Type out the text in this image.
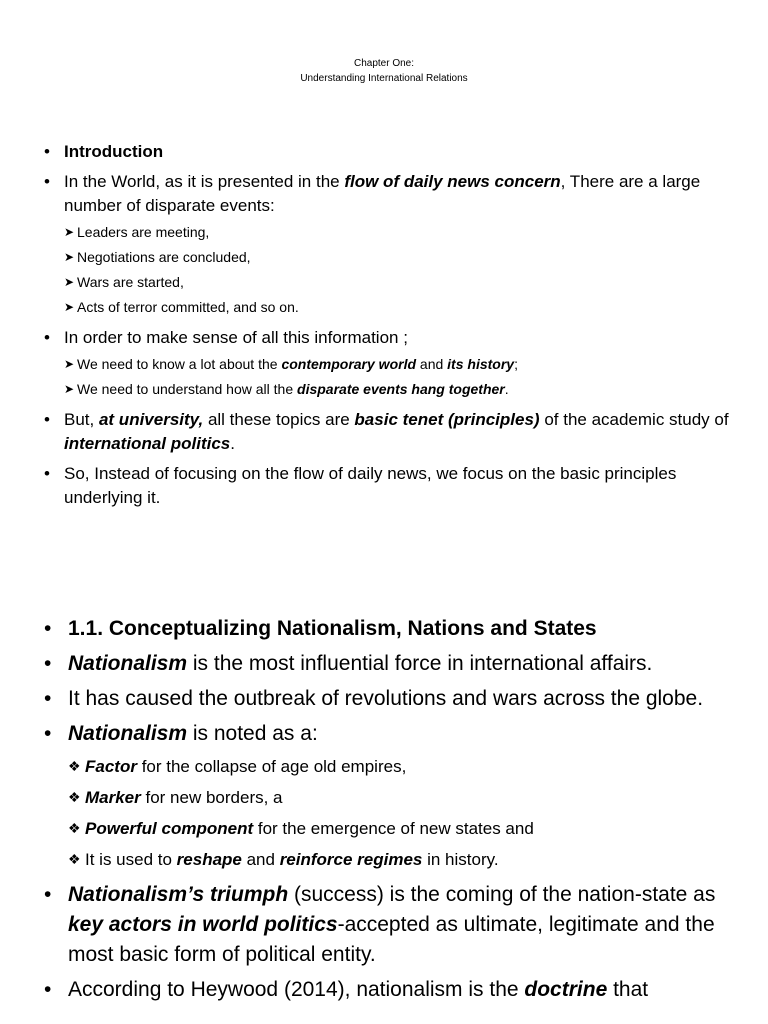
Chapter One:
Understanding International Relations
• Introduction
• In the World, as it is presented in the flow of daily news concern, There are a large number of disparate events:
➤ Leaders are meeting,
➤ Negotiations are concluded,
➤ Wars are started,
➤ Acts of terror committed, and so on.
• In order to make sense of all this information ;
➤ We need to know a lot about the contemporary world and its history;
➤ We need to understand how all the disparate events hang together.
• But, at university, all these topics are basic tenet (principles) of the academic study of international politics.
• So, Instead of focusing on the flow of daily news, we focus on the basic principles underlying it.
• 1.1. Conceptualizing Nationalism, Nations and States
• Nationalism is the most influential force in international affairs.
• It has caused the outbreak of revolutions and wars across the globe.
• Nationalism is noted as a:
❖ Factor for the collapse of age old empires,
❖ Marker for new borders, a
❖ Powerful component for the emergence of new states and
❖ It is used to reshape and reinforce regimes in history.
• Nationalism’s triumph (success) is the coming of the nation-state as key actors in world politics-accepted as ultimate, legitimate and the most basic form of political entity.
• According to Heywood (2014), nationalism is the doctrine that
